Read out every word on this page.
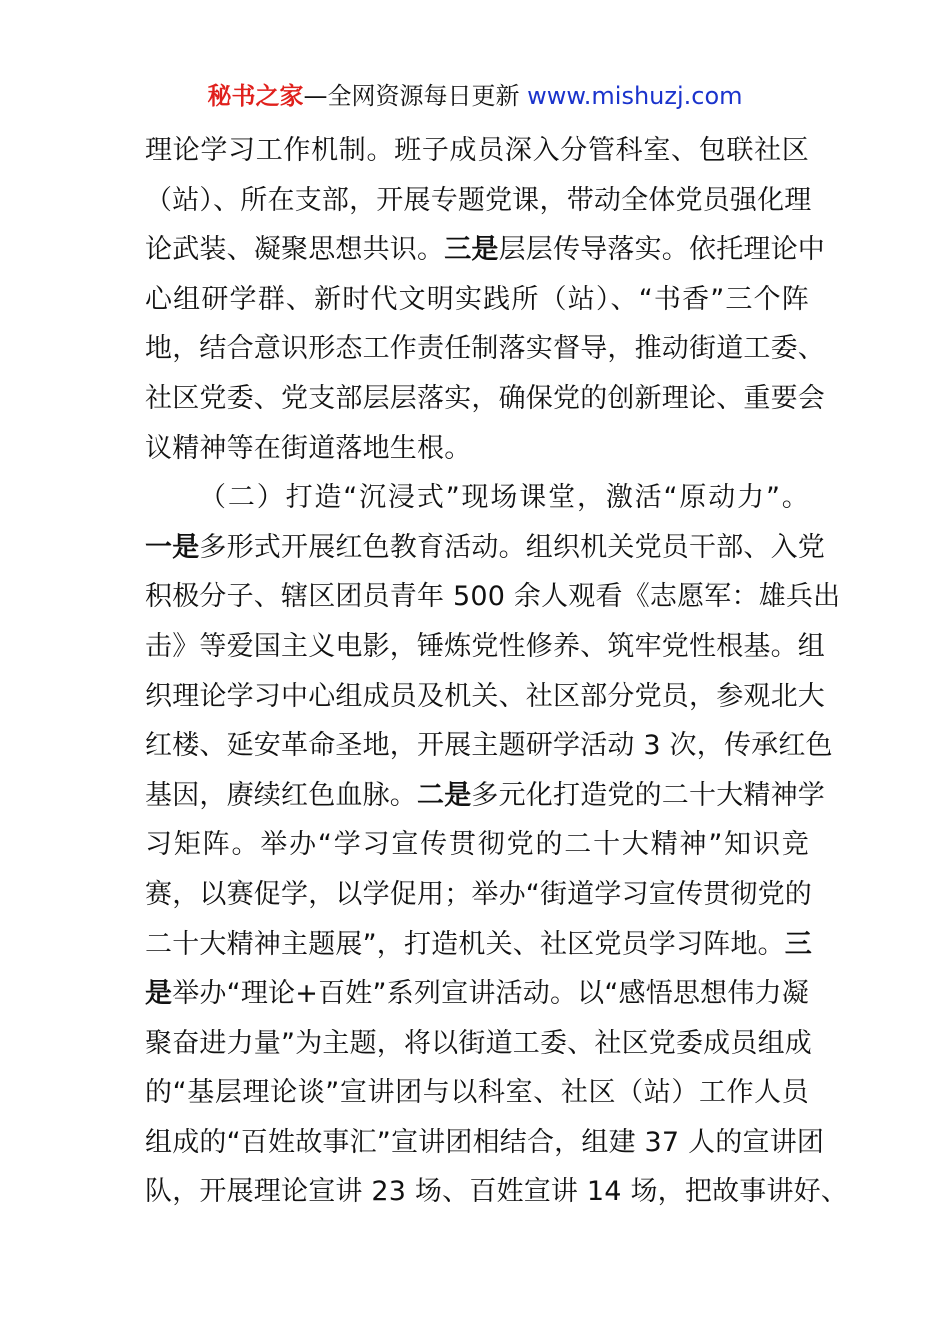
秘书之家—全网资源每日更新 www.mishuzj.com
理论学习工作机制。班子成员深入分管科室、包联社区
（站）、所在支部，开展专题党课，带动全体党员强化理
论武装、凝聚思想共识。三是层层传导落实。依托理论中
心组研学群、新时代文明实践所（站）、“书香”三个阵
地，结合意识形态工作责任制落实督导，推动街道工委、
社区党委、党支部层层落实，确保党的创新理论、重要会
议精神等在街道落地生根。
（二）打造“沉浸式”现场课堂，激活“原动力”。
一是多形式开展红色教育活动。组织机关党员干部、入党
积极分子、辖区团员青年 500 余人观看《志愿军：雄兵出
击》等爱国主义电影，锤炼党性修养、筑牢党性根基。组
织理论学习中心组成员及机关、社区部分党员，参观北大
红楼、延安革命圣地，开展主题研学活动 3 次，传承红色
基因，赓续红色血脉。二是多元化打造党的二十大精神学
习矩阵。举办“学习宣传贯彻党的二十大精神”知识竞
赛，以赛促学，以学促用；举办“街道学习宣传贯彻党的
二十大精神主题展”，打造机关、社区党员学习阵地。三
是举办“理论+百姓”系列宣讲活动。以“感悟思想伟力凝
聚奋进力量”为主题，将以街道工委、社区党委成员组成
的“基层理论谈”宣讲团与以科室、社区（站）工作人员
组成的“百姓故事汇”宣讲团相结合，组建 37 人的宣讲团
队，开展理论宣讲 23 场、百姓宣讲 14 场，把故事讲好、
